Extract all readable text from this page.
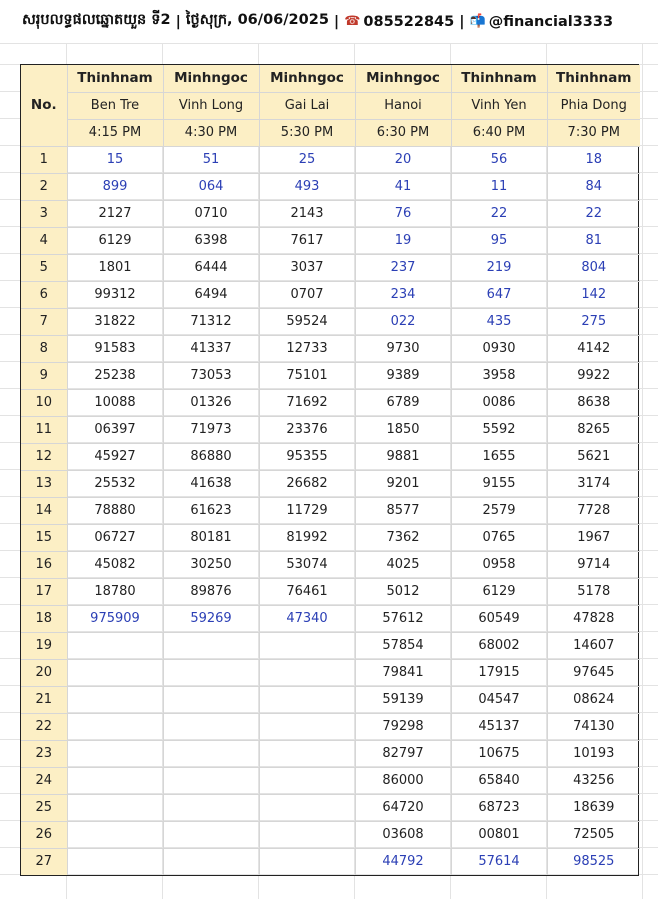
សរុបលទ្ធផលឆ្នោតយួន ទី2 | ថ្ងៃសុក្រ, 06/06/2025 | ☎ 085522845 | 📬 @financial3333
No.	Thinhnam	Minhngoc	Minhngoc	Minhngoc	Thinhnam	Thinhnam
	Ben Tre	Vinh Long	Gai Lai	Hanoi	Vinh Yen	Phia Dong
	4:15 PM	4:30 PM	5:30 PM	6:30 PM	6:40 PM	7:30 PM
1	15	51	25	20	56	18
2	899	064	493	41	11	84
3	2127	0710	2143	76	22	22
4	6129	6398	7617	19	95	81
5	1801	6444	3037	237	219	804
6	99312	6494	0707	234	647	142
7	31822	71312	59524	022	435	275
8	91583	41337	12733	9730	0930	4142
9	25238	73053	75101	9389	3958	9922
10	10088	01326	71692	6789	0086	8638
11	06397	71973	23376	1850	5592	8265
12	45927	86880	95355	9881	1655	5621
13	25532	41638	26682	9201	9155	3174
14	78880	61623	11729	8577	2579	7728
15	06727	80181	81992	7362	0765	1967
16	45082	30250	53074	4025	0958	9714
17	18780	89876	76461	5012	6129	5178
18	975909	59269	47340	57612	60549	47828
19				57854	68002	14607
20				79841	17915	97645
21				59139	04547	08624
22				79298	45137	74130
23				82797	10675	10193
24				86000	65840	43256
25				64720	68723	18639
26				03608	00801	72505
27				44792	57614	98525
